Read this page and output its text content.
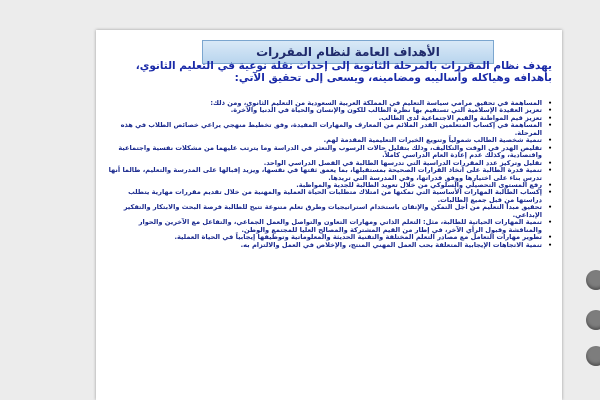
الأهداف العامة لنظام المقررات
يهدف نظام المقررات بالمرحلة الثانوية إلى إحداث نقلة نوعية في التعليم الثانوي، بأهدافه وهياكله وأساليبه ومضامينه، ويسعى إلى تحقيق الآتي:
•
المساهمة في تحقيق مرامي سياسة التعليم في المملكة العربية السعودية من التعليم الثانوي، ومن ذلك:
•
تعزيز العقيدة الإسلامية التي تستقيم بها نظرة الطالب للكون والإنسان والحياة في الدنيا والآخرة.
•
تعزيز قيم المواطنة والقيم الاجتماعية لدى الطالب.
•
المساهمة في إكساب المتعلمين القدر الملائم من المعارف والمهارات المفيدة، وفق تخطيط منهجي يراعي خصائص الطلاب في هذه المرحلة.
•
تنمية شخصية الطالب شمولياً وتنويع الخبرات التعليمية المقدمة لهم.
•
تقليص الهدر في الوقت والتكاليف، وذلك بتقليل حالات الرسوب والتعثر في الدراسة وما يترتب عليهما من مشكلات نفسية واجتماعية واقتصادية، وكذلك عدم إعادة العام الدراسي كاملاً.
•
تقليل وتركيز عدد المقررات الدراسية التي تدرسها الطالبة في الفصل الدراسي الواحد.
•
تنمية قدرة الطالبة على اتخاذ القرارات الصحيحة بمستقبلها، بما يعمق ثقتها في نفسها، ويزيد إقبالها على المدرسة والتعليم، طالما أنها تدرس بناء على اختيارها ووفق قدراتها، وفي المدرسة التي تريدها.
•
رفع المستوى التحصيلي والسلوكي من خلال تعويد الطالبة للجدية والمواظبة.
•
إكساب الطالبة المهارات الأساسية التي تمكنها من امتلاك متطلبات الحياة العملية والمهنية من خلال تقديم مقررات مهارية يتطلب دراستها من قبل جميع الطالبات.
•
تحقيق مبدأ التعليم من أجل التمكن والإتقان باستخدام استراتيجيات وطرق تعلم متنوعة تتيح للطالبة فرصة البحث والابتكار والتفكير الإبداعي.
•
تنمية المهارات الحياتية للطالبة، مثل: التعلم الذاتي ومهارات التعاون والتواصل والعمل الجماعي، والتفاعل مع الآخرين والحوار والمناقشة وقبول الرأي الآخر، في إطار من القيم المشتركة والمصالح العليا للمجتمع والوطن.
•
تطوير مهارات التعامل مع مصادر التعلم المختلفة والتقنية الحديثة والمعلوماتية وتوظيفها إيجابياً في الحياة العملية.
•
تنمية الاتجاهات الإيجابية المتعلقة بحب العمل المهني المنتج، والإخلاص في العمل والالتزام به.
